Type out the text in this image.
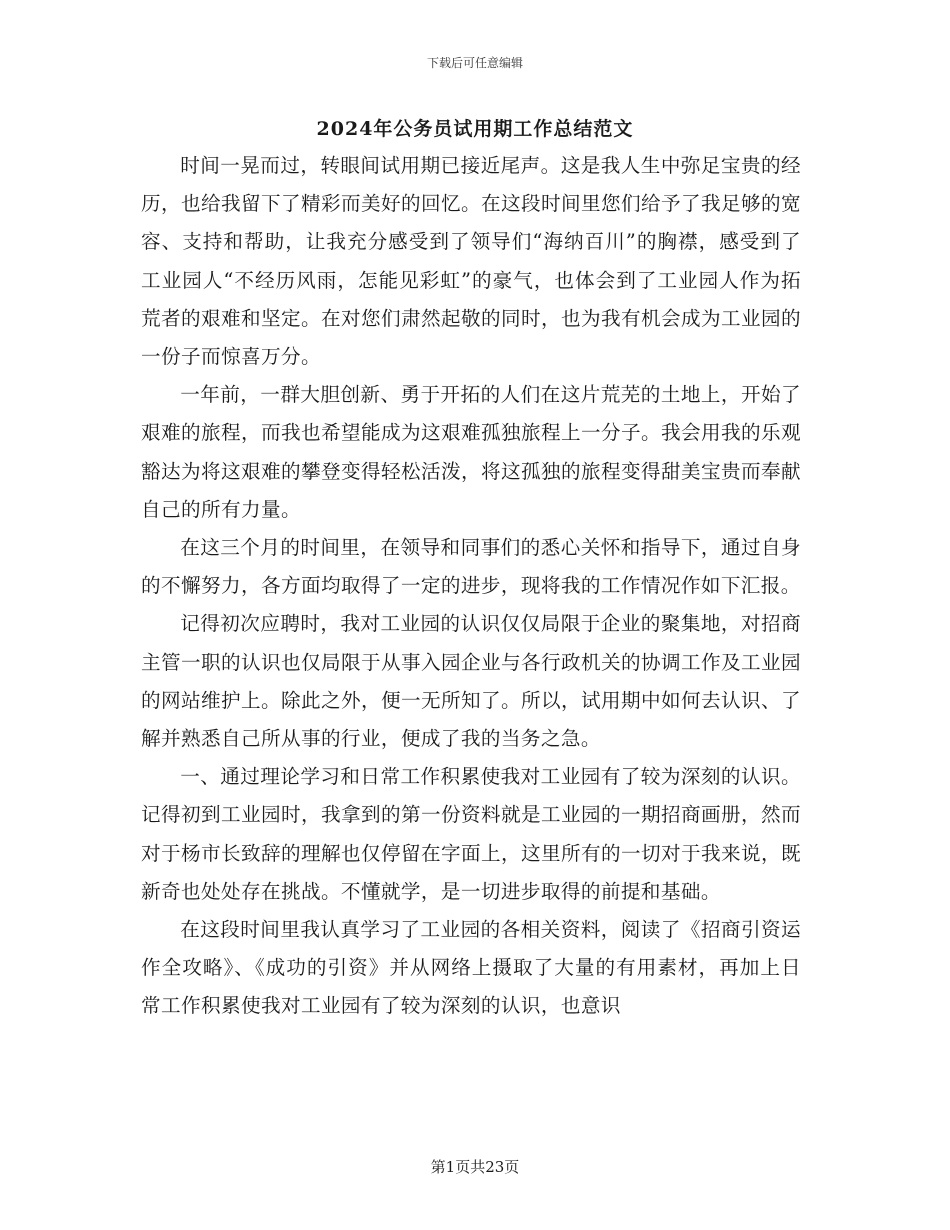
下载后可任意编辑
2024年公务员试用期工作总结范文

时间一晃而过，转眼间试用期已接近尾声。这是我人生中弥足宝贵的经历，也给我留下了精彩而美好的回忆。在这段时间里您们给予了我足够的宽容、支持和帮助，让我充分感受到了领导们“海纳百川”的胸襟，感受到了工业园人“不经历风雨，怎能见彩虹”的豪气，也体会到了工业园人作为拓荒者的艰难和坚定。在对您们肃然起敬的同时，也为我有机会成为工业园的一份子而惊喜万分。

一年前，一群大胆创新、勇于开拓的人们在这片荒芜的土地上，开始了艰难的旅程，而我也希望能成为这艰难孤独旅程上一分子。我会用我的乐观豁达为将这艰难的攀登变得轻松活泼，将这孤独的旅程变得甜美宝贵而奉献自己的所有力量。

在这三个月的时间里，在领导和同事们的悉心关怀和指导下，通过自身的不懈努力，各方面均取得了一定的进步，现将我的工作情况作如下汇报。

记得初次应聘时，我对工业园的认识仅仅局限于企业的聚集地，对招商主管一职的认识也仅局限于从事入园企业与各行政机关的协调工作及工业园的网站维护上。除此之外，便一无所知了。所以，试用期中如何去认识、了解并熟悉自己所从事的行业，便成了我的当务之急。

一、通过理论学习和日常工作积累使我对工业园有了较为深刻的认识。记得初到工业园时，我拿到的第一份资料就是工业园的一期招商画册，然而对于杨市长致辞的理解也仅停留在字面上，这里所有的一切对于我来说，既新奇也处处存在挑战。不懂就学，是一切进步取得的前提和基础。

在这段时间里我认真学习了工业园的各相关资料，阅读了《招商引资运作全攻略》、《成功的引资》并从网络上摄取了大量的有用素材，再加上日常工作积累使我对工业园有了较为深刻的认识，也意识

第1页共23页
